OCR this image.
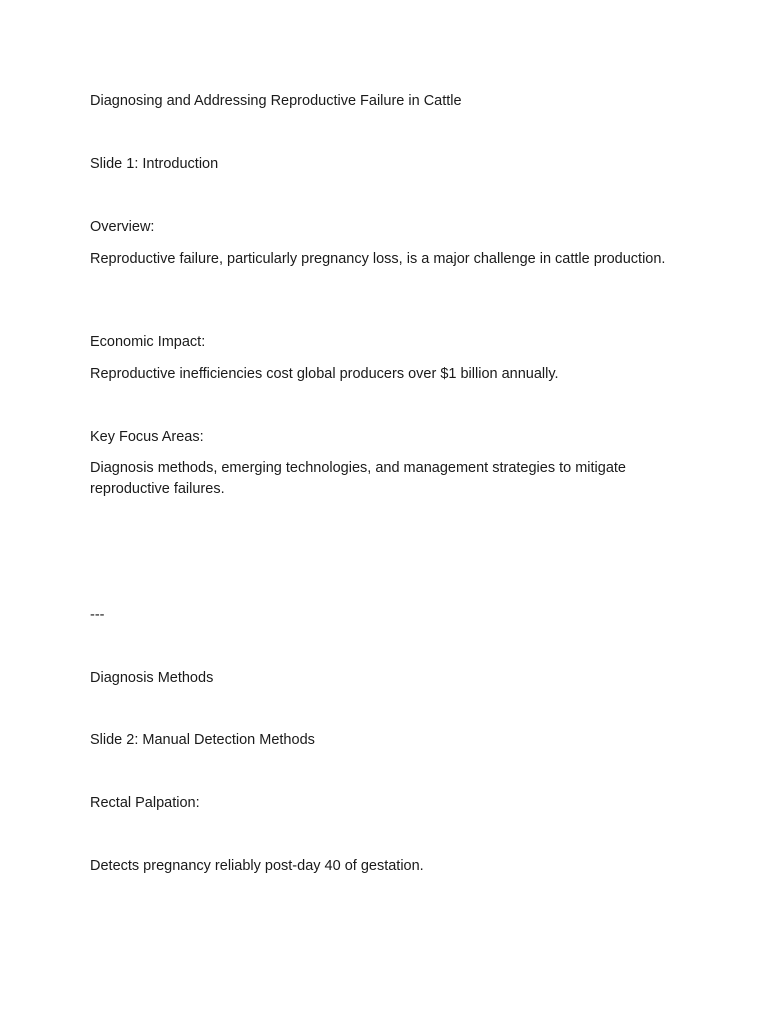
Diagnosing and Addressing Reproductive Failure in Cattle

Slide 1: Introduction

Overview:

Reproductive failure, particularly pregnancy loss, is a major challenge in cattle production.

Economic Impact:

Reproductive inefficiencies cost global producers over $1 billion annually.

Key Focus Areas:

Diagnosis methods, emerging technologies, and management strategies to mitigate reproductive failures.

---

Diagnosis Methods

Slide 2: Manual Detection Methods

Rectal Palpation:

Detects pregnancy reliably post-day 40 of gestation.
